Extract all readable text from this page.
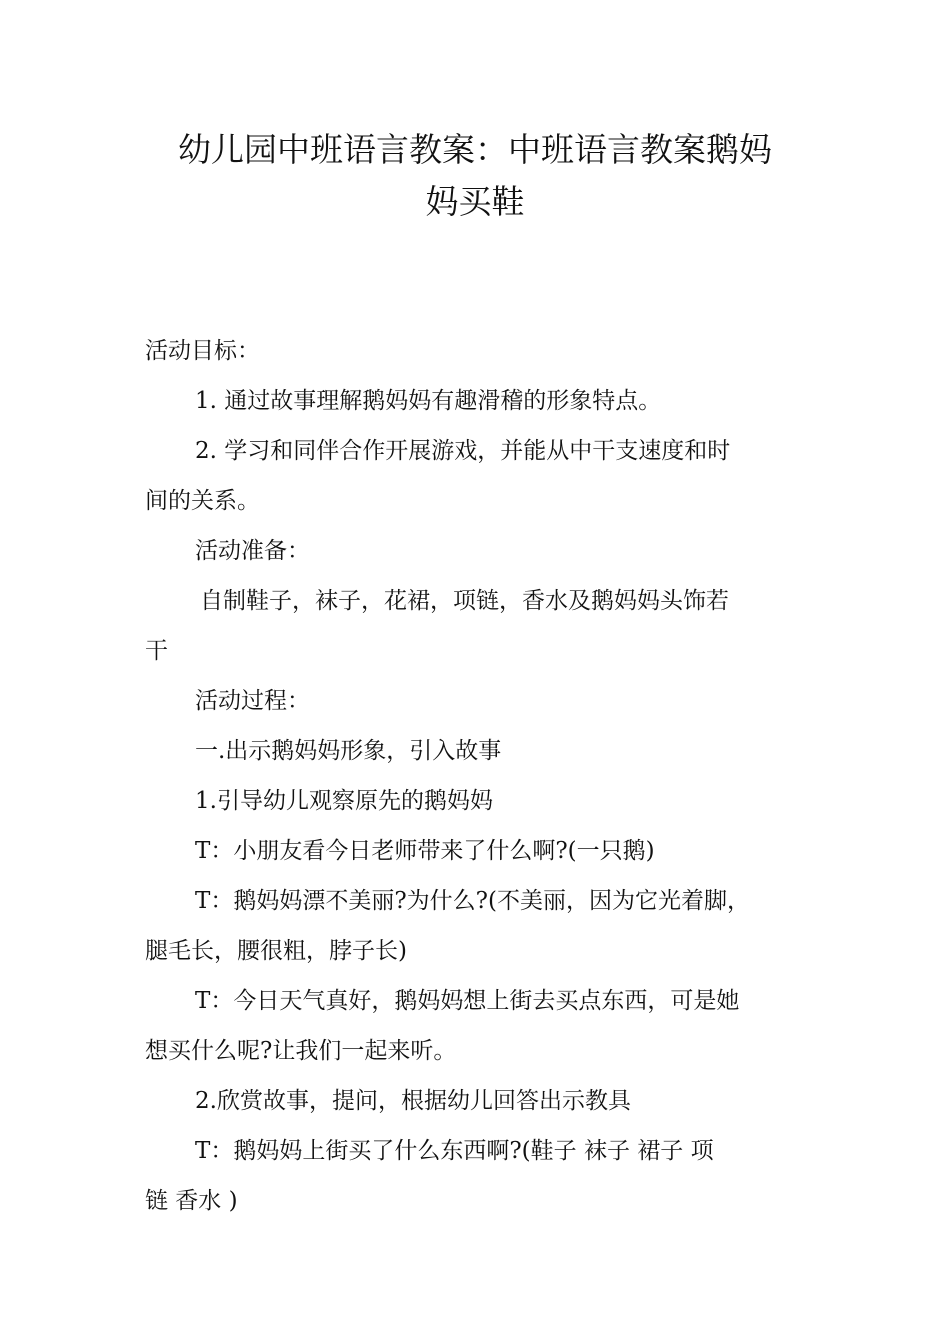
幼儿园中班语言教案：中班语言教案鹅妈
妈买鞋
活动目标：
1. 通过故事理解鹅妈妈有趣滑稽的形象特点。
2. 学习和同伴合作开展游戏，并能从中干支速度和时
间的关系。
活动准备：
自制鞋子，袜子，花裙，项链，香水及鹅妈妈头饰若
干
活动过程：
一.出示鹅妈妈形象，引入故事
1.引导幼儿观察原先的鹅妈妈
T：小朋友看今日老师带来了什么啊?(一只鹅)
T：鹅妈妈漂不美丽?为什么?(不美丽，因为它光着脚，
腿毛长，腰很粗，脖子长)
T：今日天气真好，鹅妈妈想上街去买点东西，可是她
想买什么呢?让我们一起来听。
2.欣赏故事，提问，根据幼儿回答出示教具
T：鹅妈妈上街买了什么东西啊?(鞋子 袜子 裙子 项
链 香水 )
